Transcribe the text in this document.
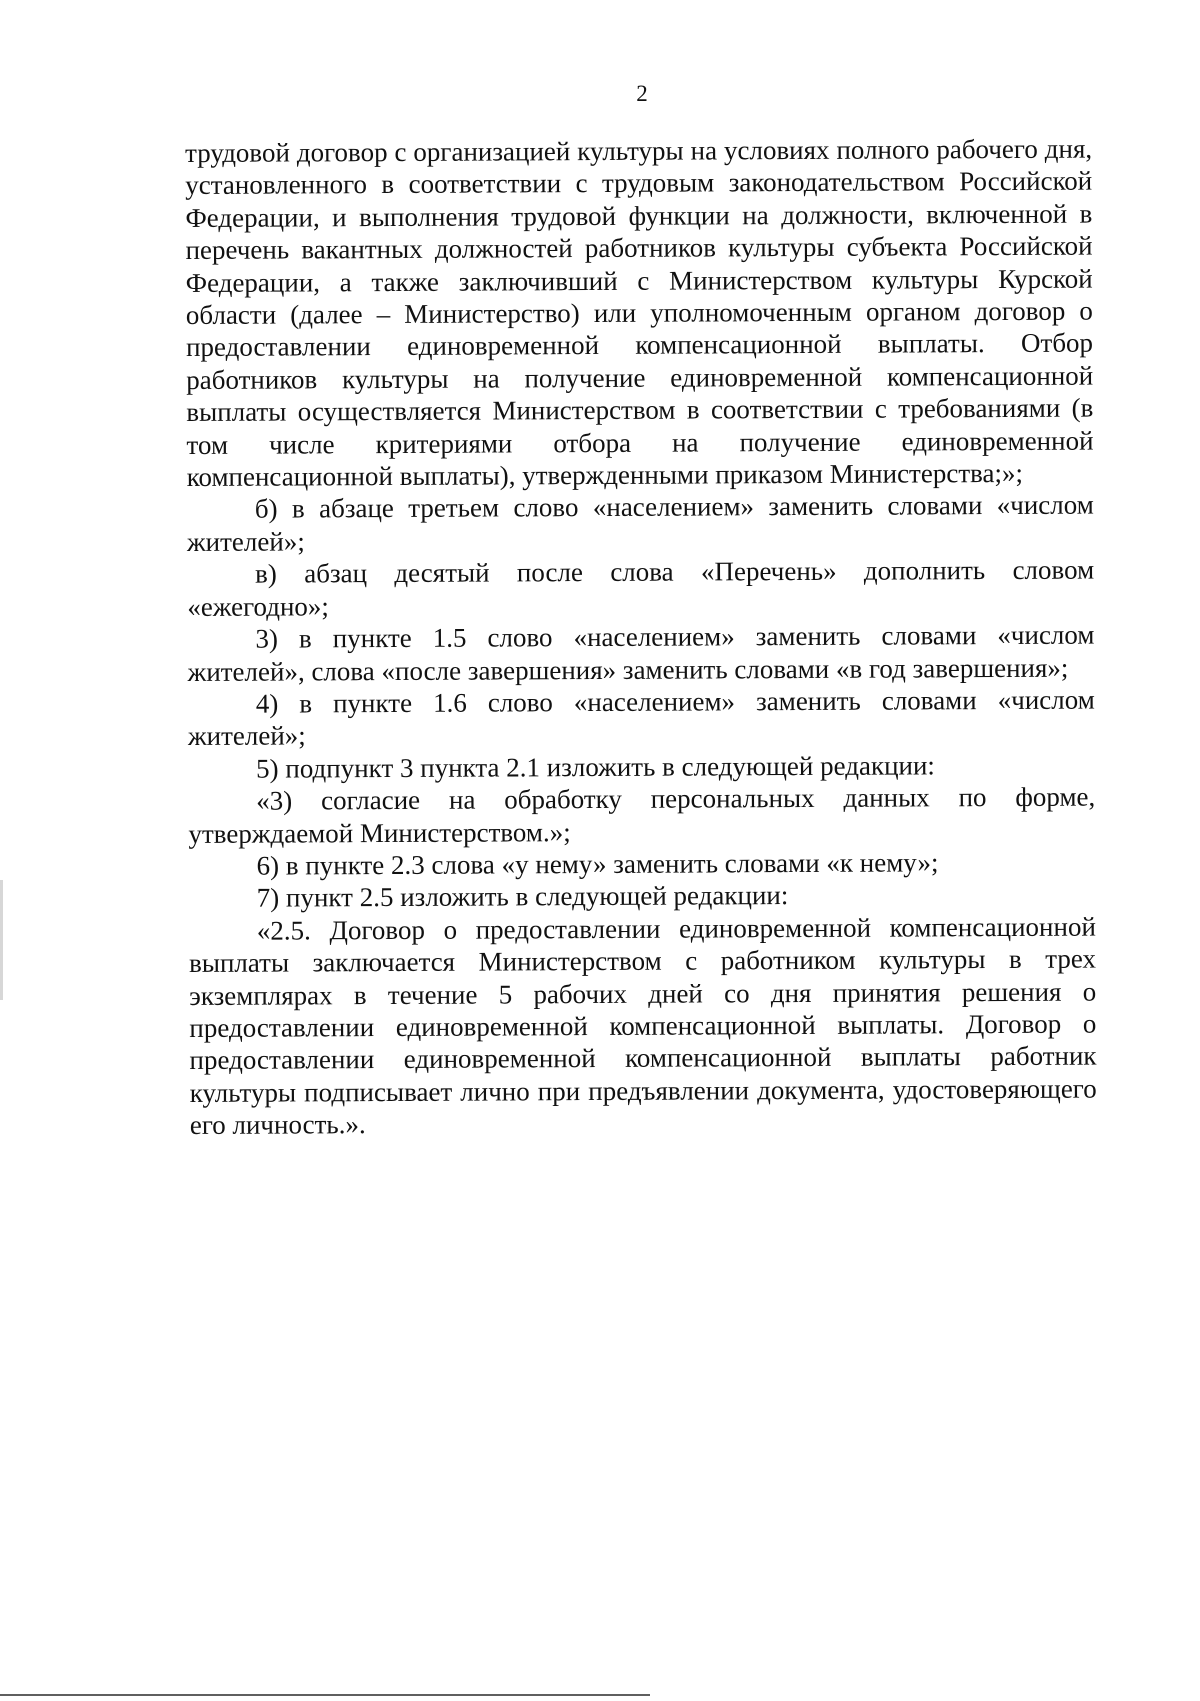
2

трудовой договор с организацией культуры на условиях полного рабочего дня, установленного в соответствии с трудовым законодательством Российской Федерации, и выполнения трудовой функции на должности, включенной в перечень вакантных должностей работников культуры субъекта Российской Федерации, а также заключивший с Министерством культуры Курской области (далее – Министерство) или уполномоченным органом договор о предоставлении единовременной компенсационной выплаты. Отбор работников культуры на получение единовременной компенсационной выплаты осуществляется Министерством в соответствии с требованиями (в том числе критериями отбора на получение единовременной компенсационной выплаты), утвержденными приказом Министерства;»;

б) в абзаце третьем слово «населением» заменить словами «числом жителей»;

в) абзац десятый после слова «Перечень» дополнить словом «ежегодно»;

3) в пункте 1.5 слово «населением» заменить словами «числом жителей», слова «после завершения» заменить словами «в год завершения»;

4) в пункте 1.6 слово «населением» заменить словами «числом жителей»;

5) подпункт 3 пункта 2.1 изложить в следующей редакции:

«3) согласие на обработку персональных данных по форме, утверждаемой Министерством.»;

6) в пункте 2.3 слова «у нему» заменить словами «к нему»;

7) пункт 2.5 изложить в следующей редакции:

«2.5. Договор о предоставлении единовременной компенсационной выплаты заключается Министерством с работником культуры в трех экземплярах в течение 5 рабочих дней со дня принятия решения о предоставлении единовременной компенсационной выплаты. Договор о предоставлении единовременной компенсационной выплаты работник культуры подписывает лично при предъявлении документа, удостоверяющего его личность.».
